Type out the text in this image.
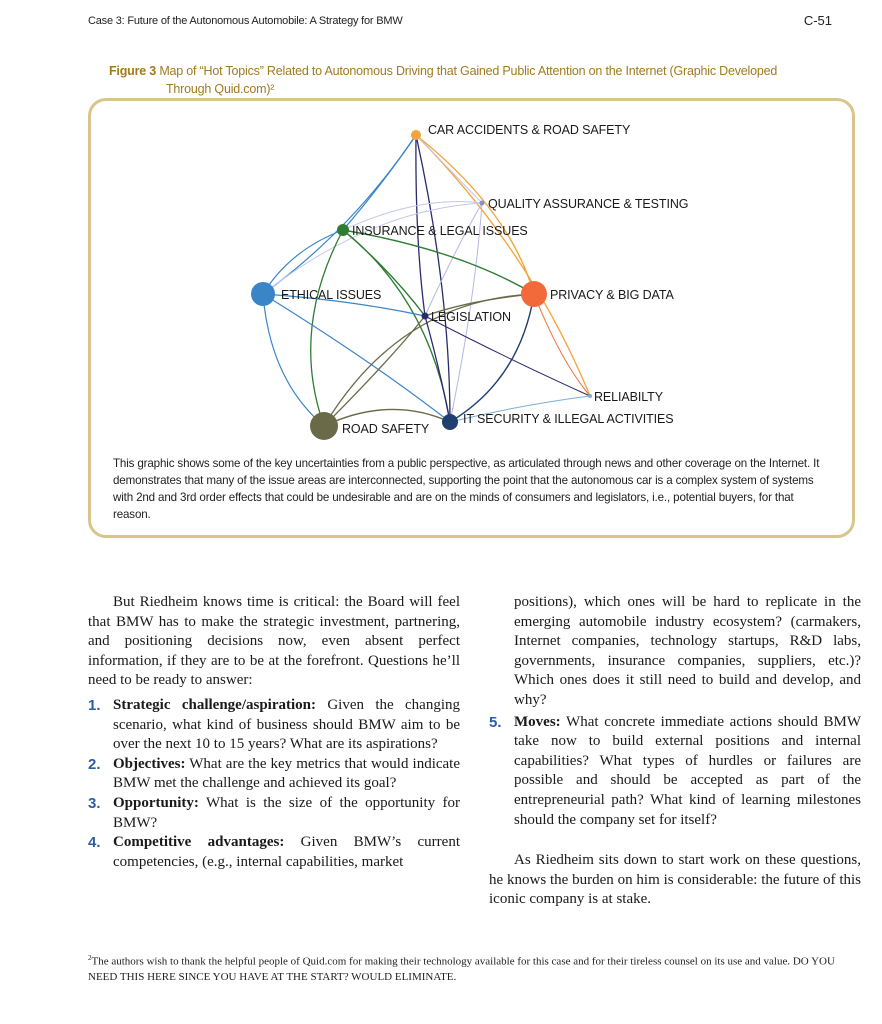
Case 3: Future of the Autonomous Automobile: A Strategy for BMW	C-51
Figure 3 Map of “Hot Topics” Related to Autonomous Driving that Gained Public Attention on the Internet (Graphic Developed
Through Quid.com)²
CAR ACCIDENTS & ROAD SAFETY
QUALITY ASSURANCE & TESTING
INSURANCE & LEGAL ISSUES
ETHICAL ISSUES	PRIVACY & BIG DATA
LEGISLATION
RELIABILTY
IT SECURITY & ILLEGAL ACTIVITIES
ROAD SAFETY
This graphic shows some of the key uncertainties from a public perspective, as articulated through news and other coverage on the Internet. It demonstrates that many of the issue areas are interconnected, supporting the point that the autonomous car is a complex system of systems with 2nd and 3rd order effects that could be undesirable and are on the minds of consumers and legislators, i.e., potential buyers, for that reason.

But Riedheim knows time is critical: the Board will feel that BMW has to make the strategic investment, partnering, and positioning decisions now, even absent perfect information, if they are to be at the forefront. Questions he’ll need to be ready to answer:

1. Strategic challenge/aspiration: Given the changing scenario, what kind of business should BMW aim to be over the next 10 to 15 years? What are its aspirations?
2. Objectives: What are the key metrics that would indicate BMW met the challenge and achieved its goal?
3. Opportunity: What is the size of the opportunity for BMW?
4. Competitive advantages: Given BMW’s current competencies, (e.g., internal capabilities, market

positions), which ones will be hard to replicate in the emerging automobile industry ecosystem? (carmakers, Internet companies, technology startups, R&D labs, governments, insurance companies, suppliers, etc.)? Which ones does it still need to build and develop, and why?

5. Moves: What concrete immediate actions should BMW take now to build external positions and internal capabilities? What types of hurdles or failures are possible and should be accepted as part of the entrepreneurial path? What kind of learning milestones should the company set for itself?

As Riedheim sits down to start work on these questions, he knows the burden on him is considerable: the future of this iconic company is at stake.

$^2$The authors wish to thank the helpful people of Quid.com for making their technology available for this case and for their tireless counsel on its use and value. DO YOU NEED THIS HERE SINCE YOU HAVE AT THE START? WOULD ELIMINATE.
